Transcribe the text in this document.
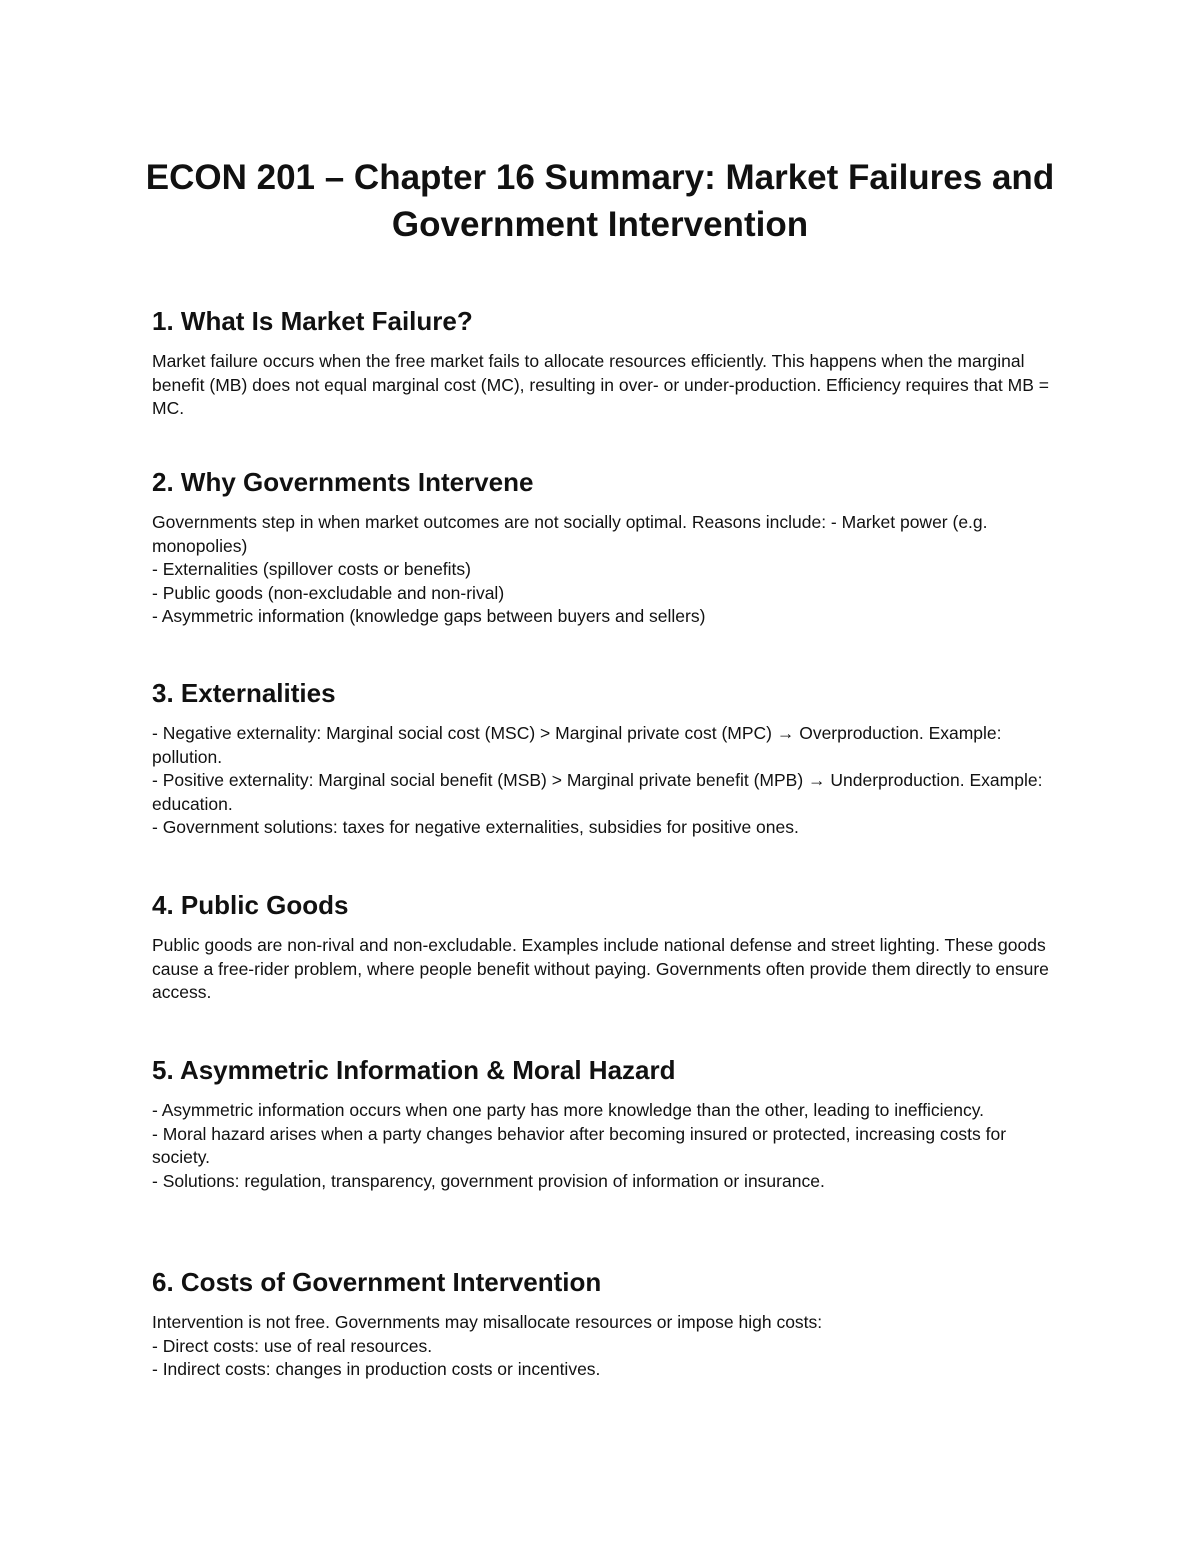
ECON 201 – Chapter 16 Summary: Market Failures and Government Intervention
1. What Is Market Failure?

Market failure occurs when the free market fails to allocate resources efficiently. This happens when the marginal benefit (MB) does not equal marginal cost (MC), resulting in over- or under-production. Efficiency requires that MB = MC.

2. Why Governments Intervene

Governments step in when market outcomes are not socially optimal. Reasons include: - Market power (e.g. monopolies)

- Externalities (spillover costs or benefits)
- Public goods (non-excludable and non-rival)
- Asymmetric information (knowledge gaps between buyers and sellers)
3. Externalities
- Negative externality: Marginal social cost (MSC) > Marginal private cost (MPC) → Overproduction. Example: pollution.
- Positive externality: Marginal social benefit (MSB) > Marginal private benefit (MPB) → Underproduction. Example: education.
- Government solutions: taxes for negative externalities, subsidies for positive ones.
4. Public Goods

Public goods are non-rival and non-excludable. Examples include national defense and street lighting. These goods cause a free-rider problem, where people benefit without paying. Governments often provide them directly to ensure access.

5. Asymmetric Information & Moral Hazard
- Asymmetric information occurs when one party has more knowledge than the other, leading to inefficiency.
- Moral hazard arises when a party changes behavior after becoming insured or protected, increasing costs for society.
- Solutions: regulation, transparency, government provision of information or insurance.
6. Costs of Government Intervention

Intervention is not free. Governments may misallocate resources or impose high costs:

- Direct costs: use of real resources.
- Indirect costs: changes in production costs or incentives.
